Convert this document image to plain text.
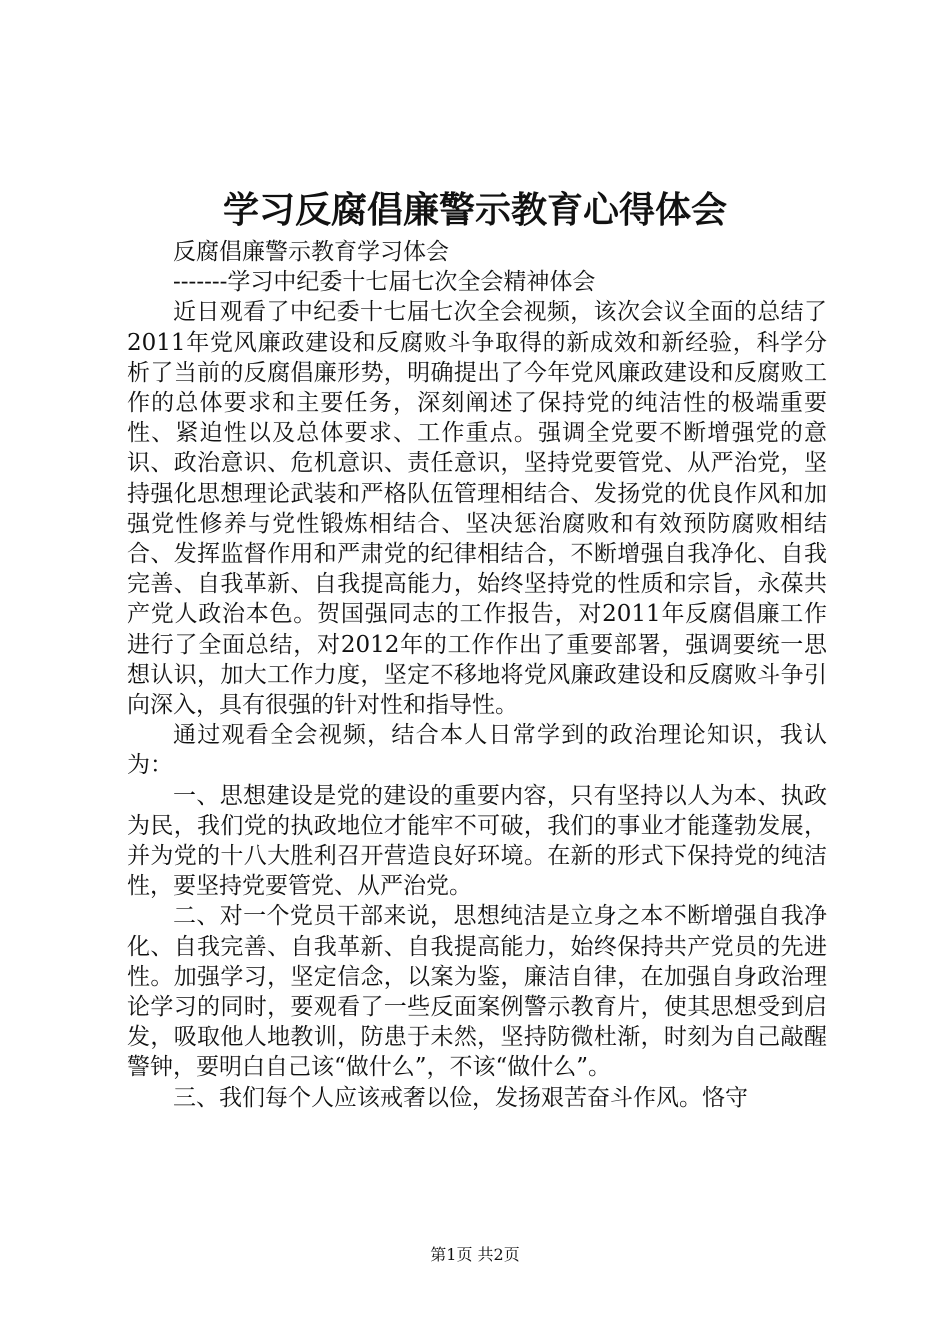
学习反腐倡廉警示教育心得体会

反腐倡廉警示教育学习体会

-------学习中纪委十七届七次全会精神体会

近日观看了中纪委十七届七次全会视频，该次会议全面的总结了2011年党风廉政建设和反腐败斗争取得的新成效和新经验，科学分析了当前的反腐倡廉形势，明确提出了今年党风廉政建设和反腐败工作的总体要求和主要任务，深刻阐述了保持党的纯洁性的极端重要性、紧迫性以及总体要求、工作重点。强调全党要不断增强党的意识、政治意识、危机意识、责任意识，坚持党要管党、从严治党，坚持强化思想理论武装和严格队伍管理相结合、发扬党的优良作风和加强党性修养与党性锻炼相结合、坚决惩治腐败和有效预防腐败相结合、发挥监督作用和严肃党的纪律相结合，不断增强自我净化、自我完善、自我革新、自我提高能力，始终坚持党的性质和宗旨，永葆共产党人政治本色。贺国强同志的工作报告，对2011年反腐倡廉工作进行了全面总结，对2012年的工作作出了重要部署，强调要统一思想认识，加大工作力度，坚定不移地将党风廉政建设和反腐败斗争引向深入，具有很强的针对性和指导性。

通过观看全会视频，结合本人日常学到的政治理论知识，我认为：

一、思想建设是党的建设的重要内容，只有坚持以人为本、执政为民，我们党的执政地位才能牢不可破，我们的事业才能蓬勃发展，并为党的十八大胜利召开营造良好环境。在新的形式下保持党的纯洁性，要坚持党要管党、从严治党。

二、对一个党员干部来说，思想纯洁是立身之本不断增强自我净化、自我完善、自我革新、自我提高能力，始终保持共产党员的先进性。加强学习，坚定信念，以案为鉴，廉洁自律，在加强自身政治理论学习的同时，要观看了一些反面案例警示教育片，使其思想受到启发，吸取他人地教训，防患于未然，坚持防微杜渐，时刻为自己敲醒警钟，要明白自己该“做什么”，不该“做什么”。

三、我们每个人应该戒奢以俭，发扬艰苦奋斗作风。恪守

第1页 共2页
